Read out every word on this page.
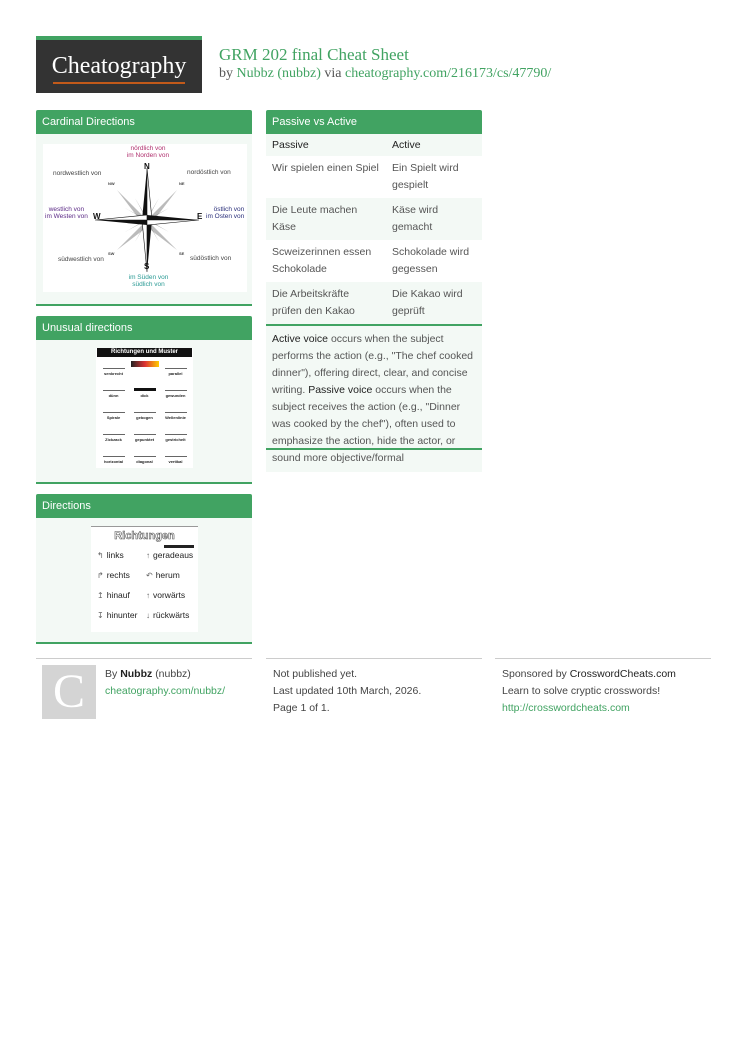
Cheatography	GRM 202 final Cheat Sheet
by Nubbz (nubbz) via cheatography.com/216173/cs/47790/
Cardinal Directions
nördlich von
im Norden von
N
nordwestlich von
NW
nordöstlich von
NE
westlich von
im Westen von W	E
östlich von
im Osten von
SW
südwestlich von
SE
südöstlich von
S
im Süden von
südlich von
Unusual directions
Richtungen und Muster
senkrecht	parallel
dünn	dick	gewunden
Spirale	gebogen	Wellenlinie
Zickzack	gepunktet	gestrichelt
horizontal	diagonal	vertikal
Directions
Richtungen
↰ links	↑ geradeaus
↱ rechts	↶ herum
↥ hinauf	↑ vorwärts
↧ hinunter	↓ rückwärts
Passive vs Active
Passive	Active
Wir spielen einen Spiel	Ein Spielt wird gespielt
Die Leute machen Käse	Käse wird gemacht
Scweizerinnen essen Schokolade	Schokolade wird gegessen
Die Arbeitskräfte prüfen den Kakao	Die Kakao wird geprüft
Active voice occurs when the subject performs the action (e.g., "The chef cooked dinner"), offering direct, clear, and concise writing. Passive voice occurs when the subject receives the action (e.g., "Dinner was cooked by the chef"), often used to emphasize the action, hide the actor, or sound more objective/formal
C	By Nubbz (nubbz)
cheatography.com/nubbz/
Not published yet.
Last updated 10th March, 2026.
Page 1 of 1.
Sponsored by CrosswordCheats.com
Learn to solve cryptic crosswords!
http://crosswordcheats.com
